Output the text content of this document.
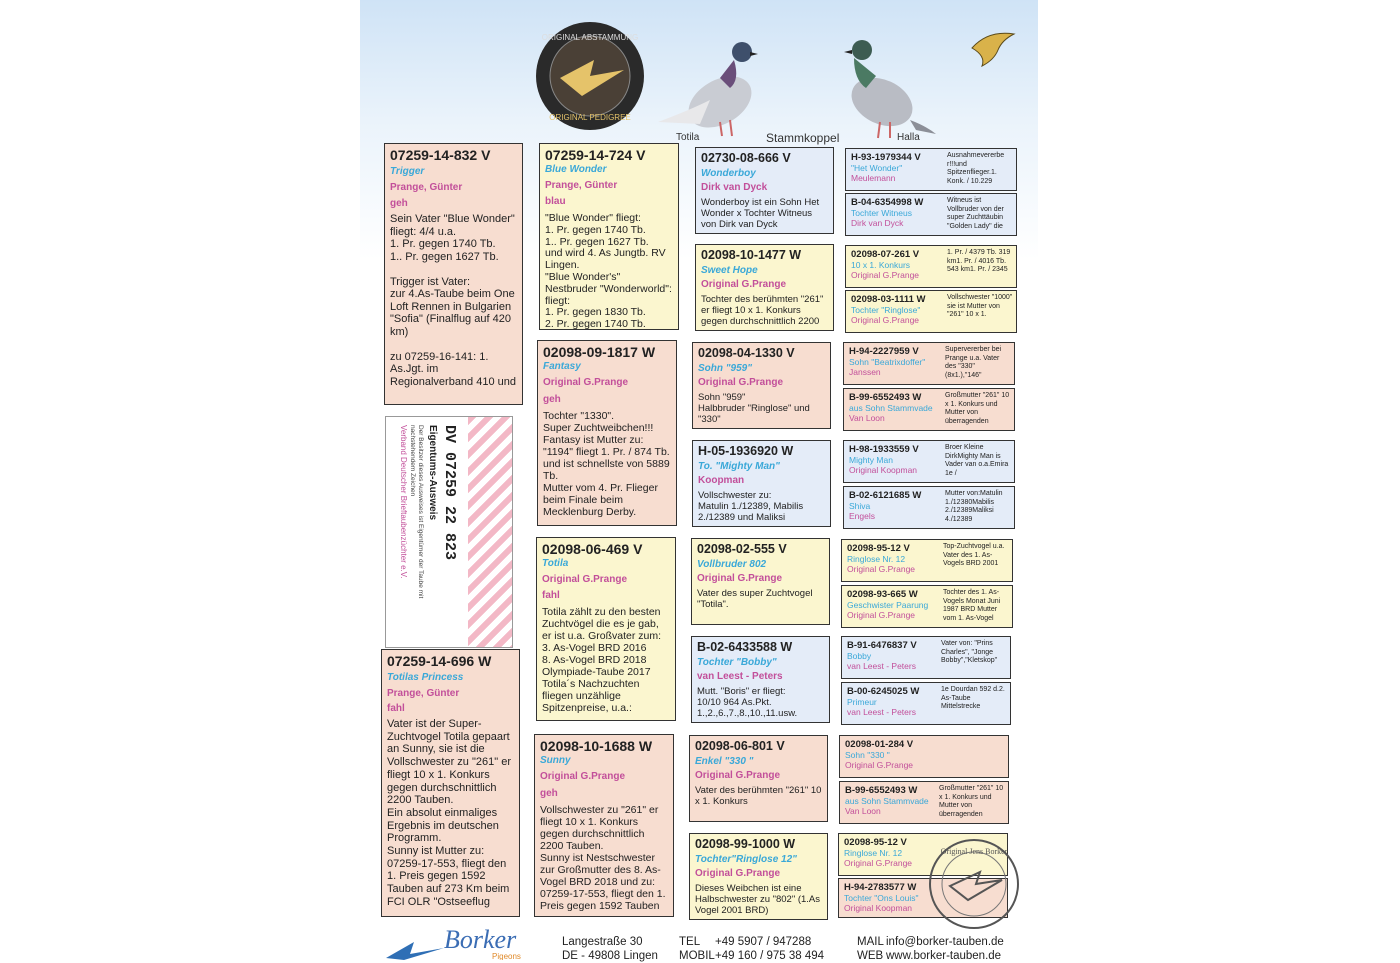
ORIGINAL ABSTAMMUNG
ORIGINAL PEDIGREE
Totila	Stammkoppel	Halla
07259-14-832 V
Trigger
Prange, Günter
geh
Sein Vater "Blue Wonder" fliegt: 4/4 u.a.
1. Pr. gegen 1740 Tb.
1.. Pr. gegen 1627 Tb.

Trigger ist Vater:
zur 4.As-Taube beim One Loft Rennen in Bulgarien "Sofia" (Finalflug auf 420 km)

zu 07259-16-141: 1. As.Jgt. im Regionalverband 410 und
DV 07259 22 823
Eigentums-Ausweis
Der Besitzer dieses Ausweises ist Eigentümer der Taube mit nachstehendem Zeichen
Verband Deutscher Brieftaubenzüchter e.V.
07259-14-696 W
Totilas Princess
Prange, Günter
fahl
Vater ist der Super-Zuchtvogel Totila gepaart an Sunny, sie ist die Vollschwester zu "261" er fliegt 10 x 1. Konkurs gegen durchschnittlich 2200 Tauben.
Ein absolut einmaliges Ergebnis im deutschen Programm.
Sunny ist Mutter zu: 07259-17-553, fliegt den 1. Preis gegen 1592 Tauben auf 273 Km beim FCI OLR "Ostseeflug
07259-14-724 V
Blue Wonder
Prange, Günter
blau
"Blue Wonder" fliegt:
1. Pr. gegen 1740 Tb.
1.. Pr. gegen 1627 Tb.
und wird 4. As Jungtb. RV Lingen.
"Blue Wonder's" Nestbruder "Wonderworld": fliegt:
1. Pr. gegen 1830 Tb.
2. Pr. gegen 1740 Tb.
02098-09-1817 W
Fantasy
Original G.Prange
geh
Tochter "1330".
Super Zuchtweibchen!!!
Fantasy ist Mutter zu: "1194" fliegt 1. Pr. / 874 Tb. und ist schnellste von 5889 Tb.
Mutter vom 4. Pr. Flieger beim Finale beim Mecklenburg Derby.
02098-06-469 V
Totila
Original G.Prange
fahl
Totila zählt zu den besten Zuchtvögel die es je gab, er ist u.a. Großvater zum:
3. As-Vogel BRD 2016
8. As-Vogel BRD 2018
Olympiade-Taube 2017
Totila´s Nachzuchten fliegen unzählige Spitzenpreise, u.a.:
02098-10-1688 W
Sunny
Original G.Prange
geh
Vollschwester zu "261" er fliegt 10 x 1. Konkurs gegen durchschnittlich 2200 Tauben.
Sunny ist Nestschwester zur Großmutter des 8. As-Vogel BRD 2018 und zu: 07259-17-553, fliegt den 1. Preis gegen 1592 Tauben
02730-08-666 V
Wonderboy
Dirk van Dyck
Wonderboy ist ein Sohn Het Wonder x Tochter Witneus von Dirk van Dyck
02098-10-1477 W
Sweet Hope
Original G.Prange
Tochter des berühmten "261" er fliegt 10 x 1. Konkurs gegen durchschnittlich 2200
02098-04-1330 V
Sohn "959"
Original G.Prange
Sohn "959"
Halbbruder "Ringlose" und "330"
H-05-1936920 W
To. "Mighty Man"
Koopman
Vollschwester zu:
Matulin 1./12389, Mabilis 2./12389 und Maliksi
02098-02-555 V
Vollbruder 802
Original G.Prange
Vater des super Zuchtvogel "Totila".
B-02-6433588 W
Tochter "Bobby"
van Leest - Peters
Mutt. "Boris" er fliegt:
10/10 964 As.Pkt.
1.,2.,6.,7.,8.,10.,11.usw.
02098-06-801 V
Enkel "330 "
Original G.Prange
Vater des berühmten "261" 10 x 1. Konkurs
02098-99-1000 W
Tochter"Ringlose 12"
Original G.Prange
Dieses Weibchen ist eine Halbschwester zu "802" (1.As Vogel 2001 BRD)
H-93-1979344 V
"Het Wonder"
Meulemann
Ausnahmevererbe r!!!und Spitzenflieger.1. Konk. / 10.229
B-04-6354998 W
Tochter Witneus
Dirk van Dyck
Witneus ist Vollbruder von der super Zuchttäubin "Golden Lady" die
02098-07-261 V
10 x 1. Konkurs
Original G.Prange
1. Pr. / 4379 Tb. 319 km1. Pr. / 4016 Tb. 543 km1. Pr. / 2345
02098-03-1111 W
Tochter "Ringlose"
Original G.Prange
Vollschwester "1000" sie ist Mutter von "261" 10 x 1.
H-94-2227959 V
Sohn "Beatrixdoffer"
Janssen
Supervererber bei Prange u.a. Vater des "330" (8x1.),"146"
B-99-6552493 W
aus Sohn Stammvade
Van Loon
Großmutter "261" 10 x 1. Konkurs und Mutter von überragenden
H-98-1933559 V
Mighty Man
Original Koopman
Broer Kleine DirkMighty Man is Vader van o.a.Emira 1e /
B-02-6121685 W
Shiva
Engels
Mutter von:Matulin 1./12380Mabilis 2./12389Maliksi 4./12389
02098-95-12 V
Ringlose Nr. 12
Original G.Prange
Top-Zuchtvogel u.a. Vater des 1. As-Vogels BRD 2001
02098-93-665 W
Geschwister Paarung
Original G.Prange
Tochter des 1. As-Vogels Monat Juni 1987 BRD Mutter vom 1. As-Vogel
B-91-6476837 V
Bobby
van Leest - Peters
Vater von: "Prins Charles", "Jonge Bobby","Kletskop"
B-00-6245025 W
Primeur
van Leest - Peters
1e Dourdan 592 d.2. As-Taube Mittelstrecke
02098-01-284 V
Sohn "330 "
Original G.Prange
B-99-6552493 W
aus Sohn Stammvade
Van Loon
Großmutter "261" 10 x 1. Konkurs und Mutter von überragenden
02098-95-12 V
Ringlose Nr. 12
Original G.Prange
H-94-2783577 W
Tochter "Ons Louis"
Original Koopman
Original Jens Borker
Borker
Pigeons
Langestraße 30
DE - 49808 Lingen
TEL +49 5907 / 947288
MOBIL +49 160 / 975 38 494
MAIL info@borker-tauben.de
WEB www.borker-tauben.de
